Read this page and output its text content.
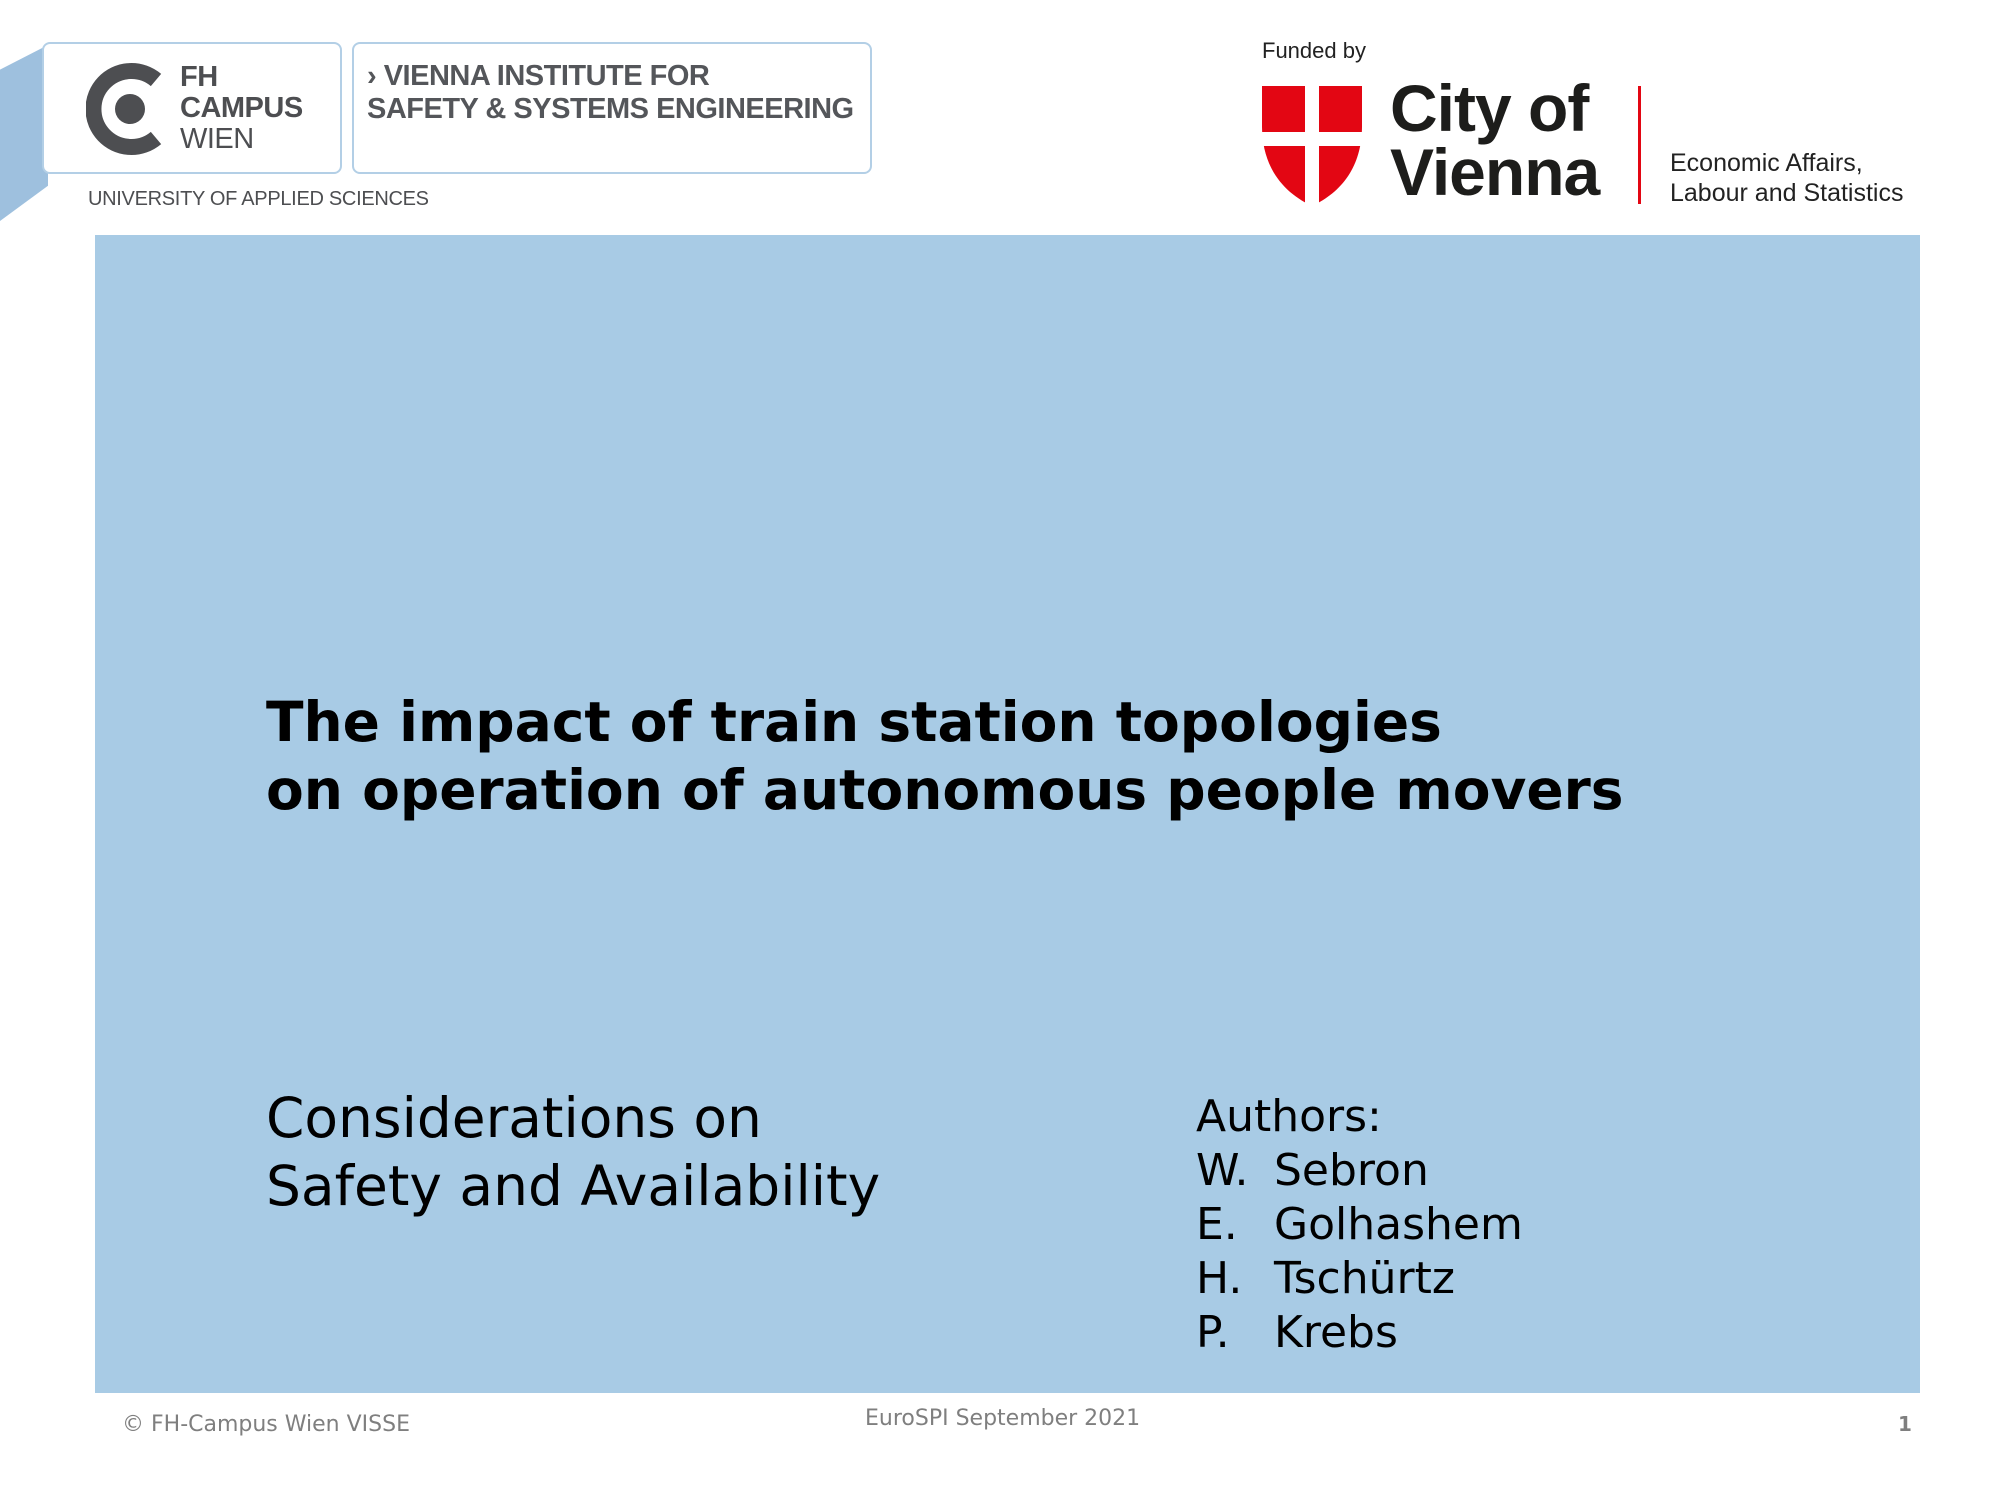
FH
CAMPUS
WIEN
› VIENNA INSTITUTE FOR
SAFETY & SYSTEMS ENGINEERING
UNIVERSITY OF APPLIED SCIENCES
Funded by
City of
Vienna	Economic Affairs,
Labour and Statistics
The impact of train station topologies
on operation of autonomous people movers
Considerations on
Safety and Availability
Authors:
W. Sebron
E. Golhashem
H. Tschürtz
P.	Krebs
© FH-Campus Wien VISSE	EuroSPI September 2021	1
